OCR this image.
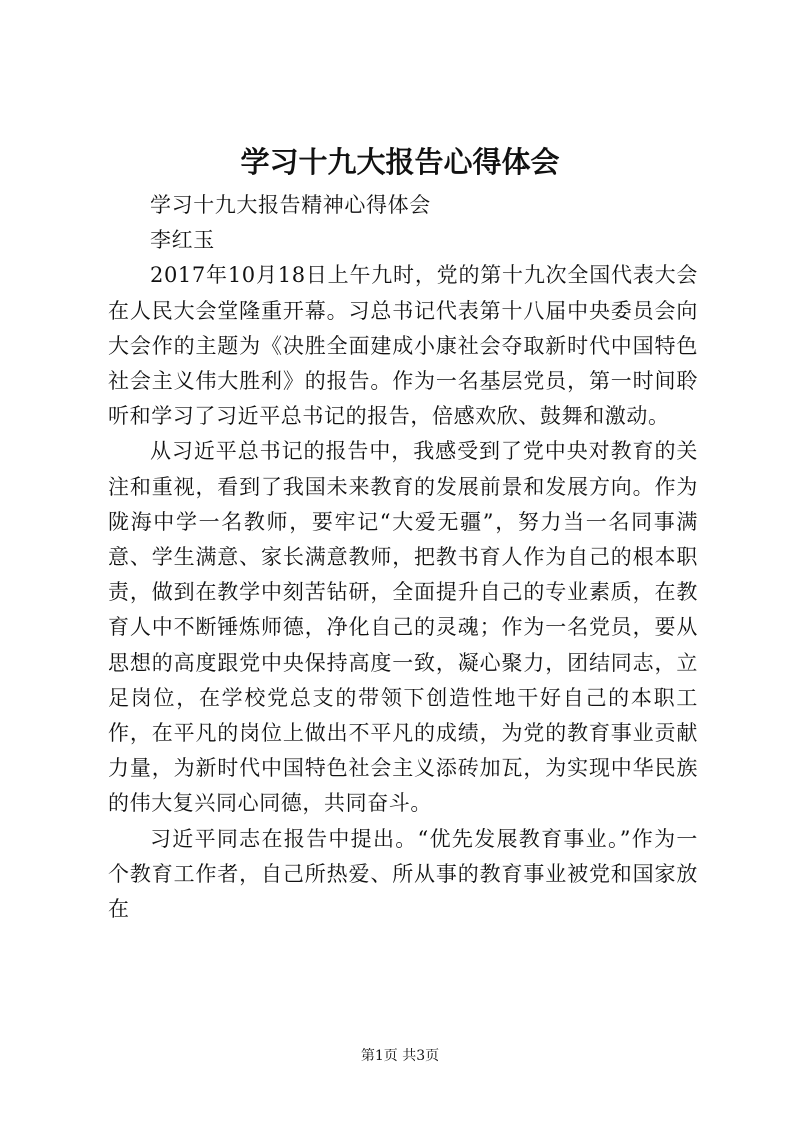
学习十九大报告心得体会

学习十九大报告精神心得体会

李红玉

2017年10月18日上午九时，党的第十九次全国代表大会在人民大会堂隆重开幕。习总书记代表第十八届中央委员会向大会作的主题为《决胜全面建成小康社会夺取新时代中国特色社会主义伟大胜利》的报告。作为一名基层党员，第一时间聆听和学习了习近平总书记的报告，倍感欢欣、鼓舞和激动。

从习近平总书记的报告中，我感受到了党中央对教育的关注和重视，看到了我国未来教育的发展前景和发展方向。作为陇海中学一名教师，要牢记“大爱无疆”，努力当一名同事满意、学生满意、家长满意教师，把教书育人作为自己的根本职责，做到在教学中刻苦钻研，全面提升自己的专业素质，在教育人中不断锤炼师德，净化自己的灵魂；作为一名党员，要从思想的高度跟党中央保持高度一致，凝心聚力，团结同志，立足岗位，在学校党总支的带领下创造性地干好自己的本职工作，在平凡的岗位上做出不平凡的成绩，为党的教育事业贡献力量，为新时代中国特色社会主义添砖加瓦，为实现中华民族的伟大复兴同心同德，共同奋斗。

习近平同志在报告中提出。“优先发展教育事业。”作为一个教育工作者，自己所热爱、所从事的教育事业被党和国家放在

第1页 共3页
